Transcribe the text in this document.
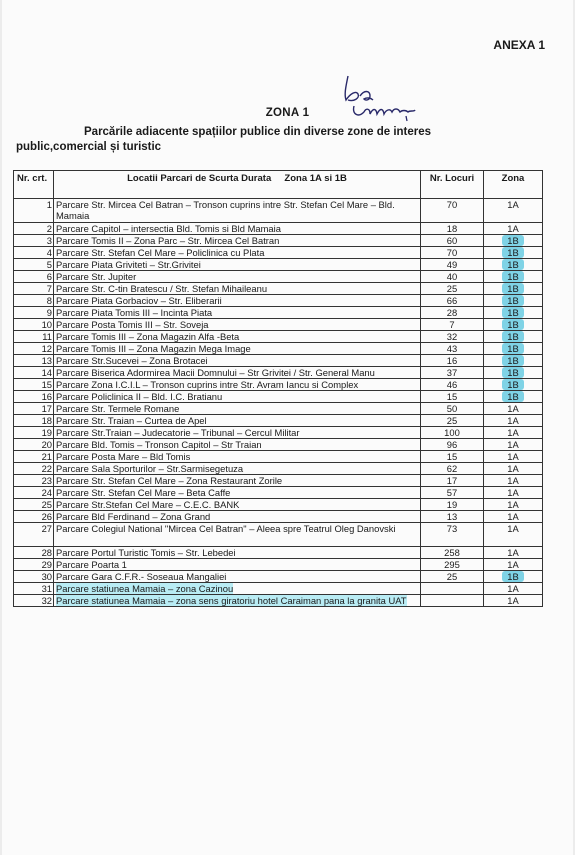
ANEXA 1
ZONA 1
Parcările adiacente spațiilor publice din diverse zone de interes
public,comercial și turistic
Nr. crt.	Locatii Parcari de Scurta Durata     Zona 1A si 1B	Nr. Locuri	Zona
1	Parcare Str. Mircea Cel Batran – Tronson cuprins intre Str. Stefan Cel Mare – Bld. Mamaia	70	1A
2	Parcare Capitol – intersectia Bld. Tomis si Bld Mamaia	18	1A
3	Parcare Tomis II – Zona Parc – Str. Mircea Cel Batran	60	1B
4	Parcare Str. Stefan Cel Mare – Policlinica cu Plata	70	1B
5	Parcare Piata Griviteti – Str.Grivitei	49	1B
6	Parcare Str. Jupiter	40	1B
7	Parcare Str. C-tin Bratescu / Str. Stefan Mihaileanu	25	1B
8	Parcare Piata Gorbaciov – Str. Eliberarii	66	1B
9	Parcare Piata Tomis III – Incinta Piata	28	1B
10	Parcare Posta Tomis III – Str. Soveja	7	1B
11	Parcare Tomis III – Zona Magazin Alfa -Beta	32	1B
12	Parcare Tomis III – Zona Magazin Mega Image	43	1B
13	Parcare Str.Sucevei – Zona Brotacei	16	1B
14	Parcare Biserica Adormirea Macii Domnului – Str Grivitei / Str. General Manu	37	1B
15	Parcare Zona I.C.I.L – Tronson cuprins intre Str. Avram Iancu si Complex	46	1B
16	Parcare Policlinica II – Bld. I.C. Bratianu	15	1B
17	Parcare Str. Termele Romane	50	1A
18	Parcare Str. Traian – Curtea de Apel	25	1A
19	Parcare Str.Traian – Judecatorie – Tribunal – Cercul Militar	100	1A
20	Parcare Bld. Tomis – Tronson Capitol – Str Traian	96	1A
21	Parcare Posta Mare – Bld Tomis	15	1A
22	Parcare Sala Sporturilor – Str.Sarmisegetuza	62	1A
23	Parcare Str. Stefan Cel Mare – Zona Restaurant Zorile	17	1A
24	Parcare Str. Stefan Cel Mare – Beta Caffe	57	1A
25	Parcare Str.Stefan Cel Mare – C.E.C. BANK	19	1A
26	Parcare Bld Ferdinand – Zona Grand	13	1A
27	Parcare Colegiul National "Mircea Cel Batran" – Aleea spre Teatrul Oleg Danovski	73	1A
28	Parcare Portul Turistic Tomis – Str. Lebedei	258	1A
29	Parcare Poarta 1	295	1A
30	Parcare Gara C.F.R.- Soseaua Mangaliei	25	1B
31	Parcare statiunea Mamaia – zona Cazinou		1A
32	Parcare statiunea Mamaia – zona sens giratoriu hotel Caraiman pana la granita UAT		1A
